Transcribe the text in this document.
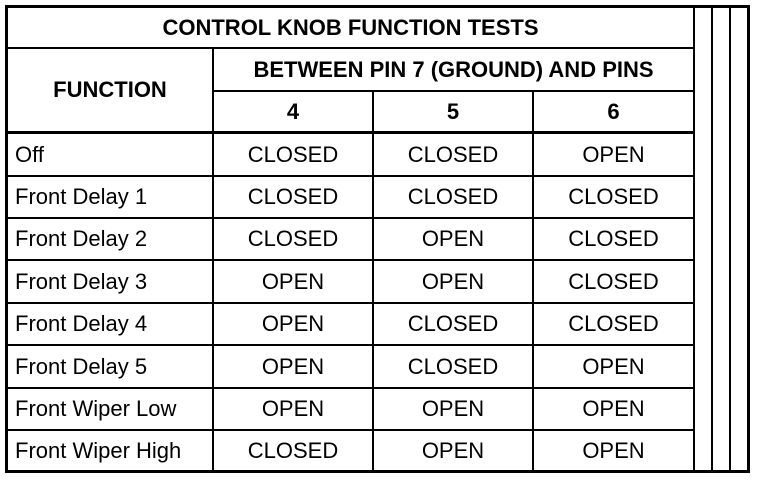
CONTROL KNOB FUNCTION TESTS
FUNCTION
BETWEEN PIN 7 (GROUND) AND PINS
4	5	6
Off	CLOSED	CLOSED	OPEN
Front Delay 1	CLOSED	CLOSED	CLOSED
Front Delay 2	CLOSED	OPEN	CLOSED
Front Delay 3	OPEN	OPEN	CLOSED
Front Delay 4	OPEN	CLOSED	CLOSED
Front Delay 5	OPEN	CLOSED	OPEN
Front Wiper Low	OPEN	OPEN	OPEN
Front Wiper High	CLOSED	OPEN	OPEN
